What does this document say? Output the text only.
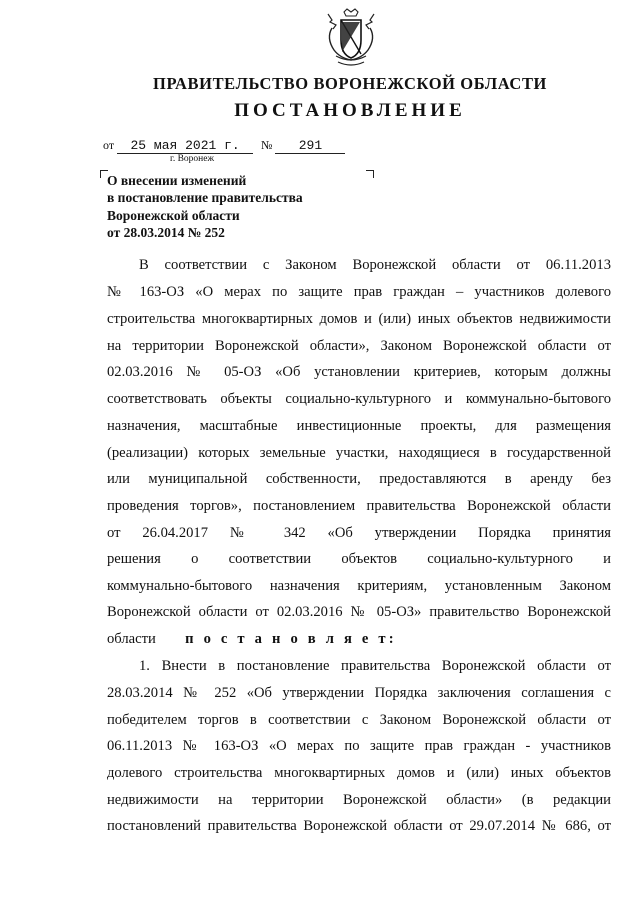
ПРАВИТЕЛЬСТВО ВОРОНЕЖСКОЙ ОБЛАСТИ
ПОСТАНОВЛЕНИЕ
от 25 мая 2021 г.	№ 291
г. Воронеж
О внесении изменений
в постановление правительства
Воронежской области
от 28.03.2014 № 252
В соответствии с Законом Воронежской области от 06.11.2013
№ 163-ОЗ «О мерах по защите прав граждан – участников долевого
строительства многоквартирных домов и (или) иных объектов недвижимости
на территории Воронежской области», Законом Воронежской области от
02.03.2016 № 05-ОЗ «Об установлении критериев, которым должны
соответствовать объекты социально-культурного и коммунально-бытового
назначения, масштабные инвестиционные проекты, для размещения
(реализации) которых земельные участки, находящиеся в государственной
или муниципальной собственности, предоставляются в аренду без
проведения торгов», постановлением правительства Воронежской области
от 26.04.2017 № 342 «Об утверждении Порядка принятия
решения о соответствии объектов социально-культурного и
коммунально-бытового назначения критериям, установленным Законом
Воронежской области от 02.03.2016 № 05-ОЗ» правительство Воронежской
области п о с т а н о в л я е т:
1. Внести в постановление правительства Воронежской области от
28.03.2014 № 252 «Об утверждении Порядка заключения соглашения с
победителем торгов в соответствии с Законом Воронежской области от
06.11.2013 № 163-ОЗ «О мерах по защите прав граждан - участников
долевого строительства многоквартирных домов и (или) иных объектов
недвижимости на территории Воронежской области» (в редакции
постановлений правительства Воронежской области от 29.07.2014 № 686, от
